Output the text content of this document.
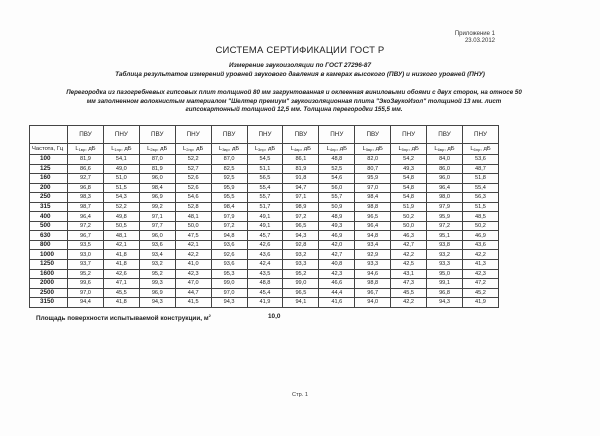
Приложение 1
23.03.2012
СИСТЕМА СЕРТИФИКАЦИИ ГОСТ Р
Измерение звукоизоляции по ГОСТ 27296-87
Таблица результатов измерений уровней звукового давления в камерах высокого (ПВУ) и низкого уровней (ПНУ)
Перегородка из пазогребневых гипсовых плит толщиной 80 мм загрунтованная и оклеенная виниловыми обоями с двух сторон, на относе 50 мм заполненном волокнистым материалом "Шелтер премиум" звукоизоляционная плита "ЭкоЗвукоИзол" толщиной 13 мм. лист гипсокартонный толщиной 12,5 мм. Толщина перегородки 155,5 мм.
	ПВУ	ПНУ	ПВУ	ПНУ	ПВУ	ПНУ	ПВУ	ПНУ	ПВУ	ПНУ	ПВУ	ПНУ
Частота, Гц	L1вр, дБ	L1нр, дБ	L2вр, дБ	L2нр, дБ	L3вр, дБ	L3нр, дБ	L4вр, дБ	L4нр, дБ	L5вр, дБ	L5нр, дБ	L6вр, дБ	L6нр, дБ
100	81,9	54,1	87,0	52,2	87,0	54,5	86,1	48,8	82,0	54,2	84,0	53,6
125	86,6	49,0	81,9	52,7	82,5	51,1	81,9	52,5	80,7	49,3	86,0	48,7
160	92,7	51,0	96,0	52,6	92,5	56,5	91,8	54,6	95,9	54,8	96,0	51,8
200	96,8	51,5	98,4	52,6	95,9	55,4	94,7	56,0	97,0	54,8	96,4	55,4
250	98,3	54,3	96,9	54,6	95,5	55,7	97,1	55,7	98,4	54,8	98,0	56,3
315	98,7	52,2	99,2	52,8	98,4	51,7	98,9	50,9	98,8	51,9	97,9	51,5
400	96,4	49,8	97,1	48,1	97,9	49,1	97,2	48,9	96,5	50,2	95,9	48,5
500	97,2	50,5	97,7	50,0	97,2	49,1	96,5	49,3	96,4	50,0	97,2	50,2
630	96,7	48,1	96,0	47,5	94,8	45,7	94,3	46,9	94,8	46,3	95,1	46,9
800	93,5	42,1	93,6	42,1	93,6	42,6	92,8	42,0	93,4	42,7	93,8	43,6
1000	93,0	41,8	93,4	42,2	92,6	43,6	93,2	42,7	92,9	42,2	93,2	42,2
1250	93,7	41,8	93,2	41,0	93,6	42,4	93,3	40,8	93,3	42,5	93,3	41,3
1600	95,2	42,6	95,2	42,3	95,3	43,5	95,2	42,3	94,6	43,1	95,0	42,3
2000	99,6	47,1	99,3	47,0	99,0	48,8	99,0	46,6	98,8	47,3	99,1	47,2
2500	97,0	45,5	96,9	44,7	97,0	45,4	96,5	44,4	96,7	45,5	96,8	45,2
3150	94,4	41,8	94,3	41,5	94,3	41,9	94,1	41,6	94,0	42,2	94,3	41,9
Площадь поверхности испытываемой конструкции, $м^2$	10,0
Стр. 1
